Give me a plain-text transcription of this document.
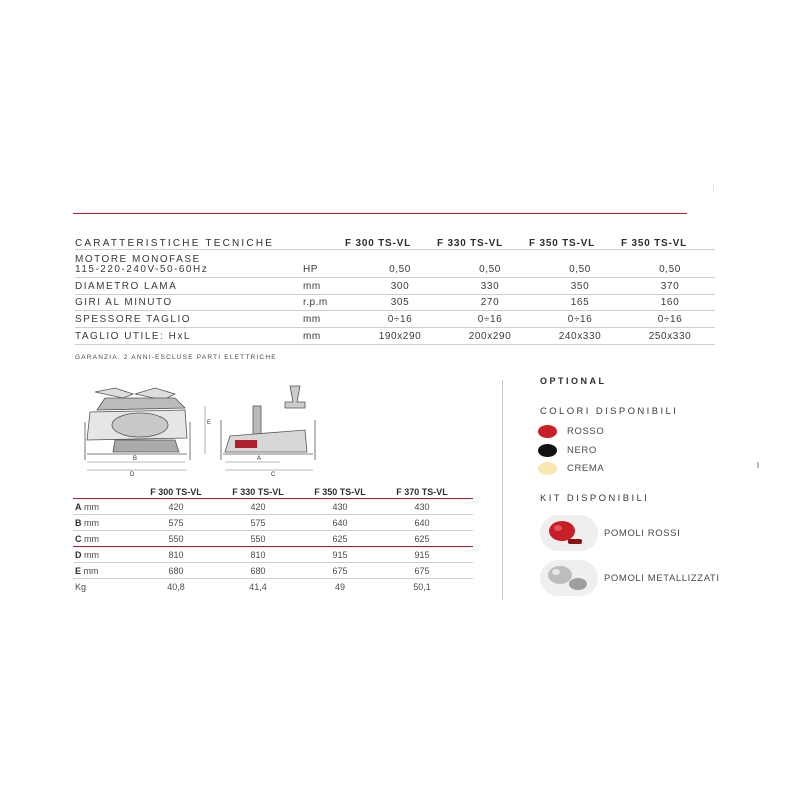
CARATTERISTICHE TECNICHE	F 300 TS-VL	F 330 TS-VL	F 350 TS-VL	F 350 TS-VL
MOTORE MONOFASE
115-220-240V-50-60Hz	HP	0,50	0,50	0,50	0,50
DIAMETRO LAMA	mm	300	330	350	370
GIRI AL MINUTO	r.p.m	305	270	165	160
SPESSORE TAGLIO	mm	0÷16	0÷16	0÷16	0÷16
TAGLIO UTILE: HxL	mm	190x290	200x290	240x330	250x330
GARANZIA: 2 ANNI-ESCLUSE PARTI ELETTRICHE
E
B
D
A
C
F 300 TS-VL	F 330 TS-VL	F 350 TS-VL	F 370 TS-VL
A mm	420	420	430	430
B mm	575	575	640	640
C mm	550	550	625	625
D mm	810	810	915	915
E mm	680	680	675	675
Kg	40,8	41,4	49	50,1
OPTIONAL
COLORI DISPONIBILI
ROSSO
NERO
CREMA
KIT DISPONIBILI
POMOLI ROSSI
POMOLI METALLIZZATI
